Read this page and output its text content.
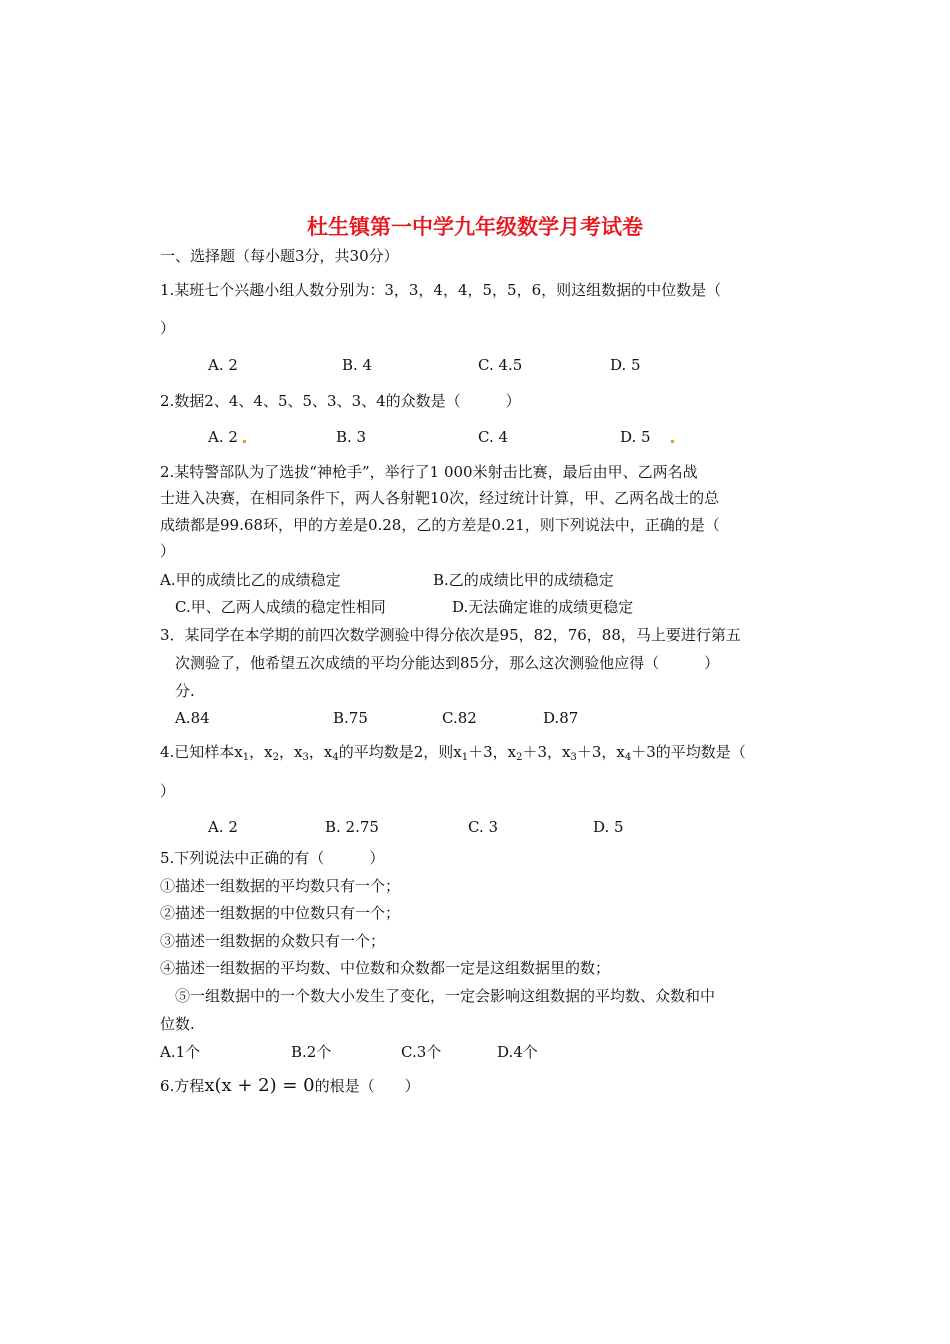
杜生镇第一中学九年级数学月考试卷
一、选择题（每小题3分，共30分）
1.某班七个兴趣小组人数分别为：3，3，4，4，5，5，6，则这组数据的中位数是（
）
A. 2	B. 4	C. 4.5	D. 5
2.数据2、4、4、5、5、3、3、4的众数是（　　　）
A. 2	B. 3	C. 4	D. 5
2.某特警部队为了选拔“神枪手”，举行了1 000米射击比赛，最后由甲、乙两名战
士进入决赛，在相同条件下，两人各射靶10次，经过统计计算，甲、乙两名战士的总
成绩都是99.68环，甲的方差是0.28，乙的方差是0.21，则下列说法中，正确的是（
）
A.甲的成绩比乙的成绩稳定	B.乙的成绩比甲的成绩稳定
C.甲、乙两人成绩的稳定性相同	D.无法确定谁的成绩更稳定
3．某同学在本学期的前四次数学测验中得分依次是95，82，76，88，马上要进行第五
次测验了，他希望五次成绩的平均分能达到85分，那么这次测验他应得（　　　）
分.
A.84	B.75	C.82	D.87
4.已知样本$x_1$，$x_2$，$x_3$，$x_4$的平均数是2，则$x_1+3$，$x_2+3$，$x_3+3$，$x_4+3$的平均数是（
）
A. 2	B. 2.75	C. 3	D. 5
5.下列说法中正确的有（　　　）
①描述一组数据的平均数只有一个；
②描述一组数据的中位数只有一个；
③描述一组数据的众数只有一个；
④描述一组数据的平均数、中位数和众数都一定是这组数据里的数；
⑤一组数据中的一个数大小发生了变化，一定会影响这组数据的平均数、众数和中
位数.
A.1个	B.2个	C.3个	D.4个
6.方程x(x + 2) = 0的根是（　　）
